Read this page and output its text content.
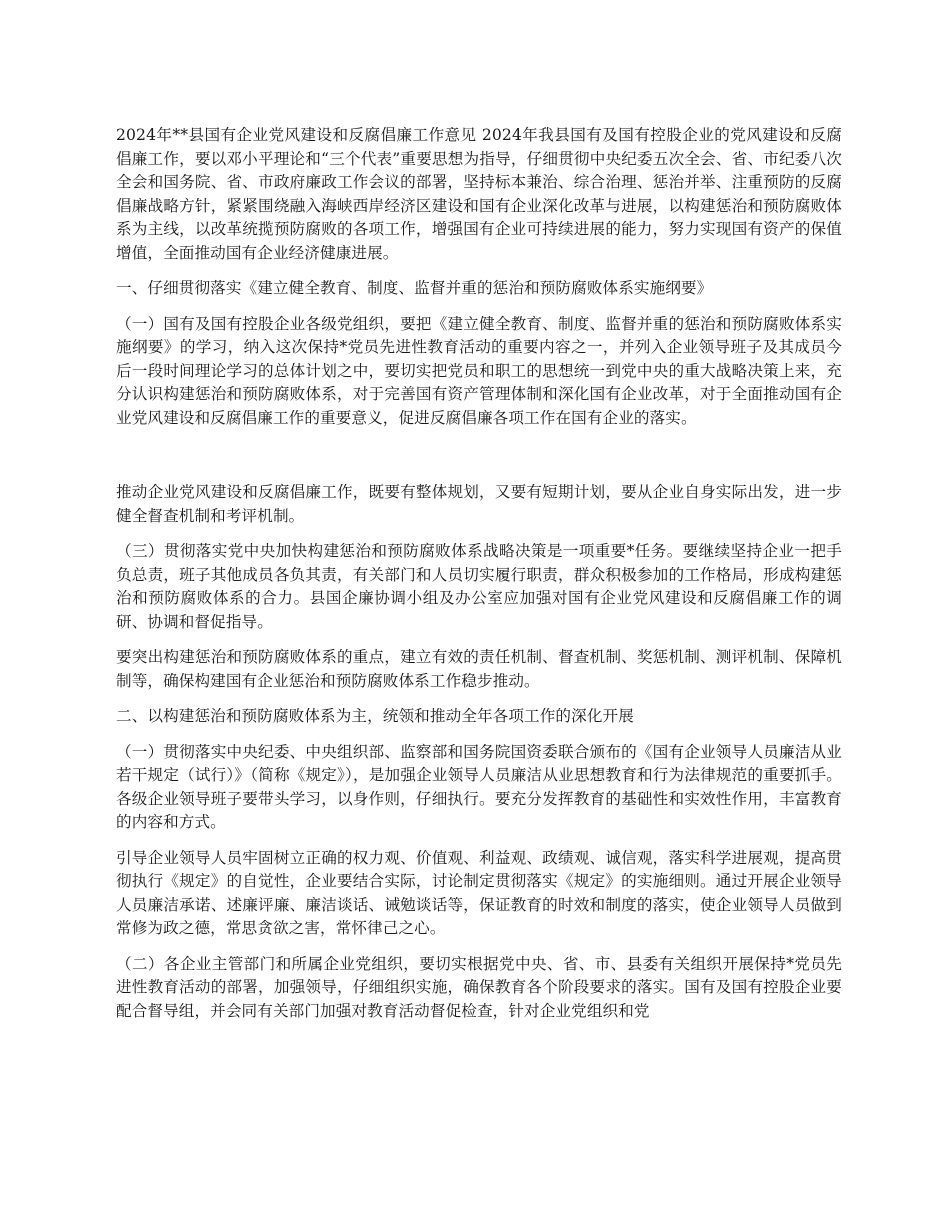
2024年**县国有企业党风建设和反腐倡廉工作意见 2024年我县国有及国有控股企业的党风建设和反腐倡廉工作，要以邓小平理论和“三个代表”重要思想为指导，仔细贯彻中央纪委五次全会、省、市纪委八次全会和国务院、省、市政府廉政工作会议的部署，坚持标本兼治、综合治理、惩治并举、注重预防的反腐倡廉战略方针，紧紧围绕融入海峡西岸经济区建设和国有企业深化改革与进展，以构建惩治和预防腐败体系为主线，以改革统揽预防腐败的各项工作，增强国有企业可持续进展的能力，努力实现国有资产的保值增值，全面推动国有企业经济健康进展。

一、仔细贯彻落实《建立健全教育、制度、监督并重的惩治和预防腐败体系实施纲要》

（一）国有及国有控股企业各级党组织，要把《建立健全教育、制度、监督并重的惩治和预防腐败体系实施纲要》的学习，纳入这次保持*党员先进性教育活动的重要内容之一，并列入企业领导班子及其成员今后一段时间理论学习的总体计划之中，要切实把党员和职工的思想统一到党中央的重大战略决策上来，充分认识构建惩治和预防腐败体系，对于完善国有资产管理体制和深化国有企业改革，对于全面推动国有企业党风建设和反腐倡廉工作的重要意义，促进反腐倡廉各项工作在国有企业的落实。

推动企业党风建设和反腐倡廉工作，既要有整体规划，又要有短期计划，要从企业自身实际出发，进一步健全督查机制和考评机制。

（三）贯彻落实党中央加快构建惩治和预防腐败体系战略决策是一项重要*任务。要继续坚持企业一把手负总责，班子其他成员各负其责，有关部门和人员切实履行职责，群众积极参加的工作格局，形成构建惩治和预防腐败体系的合力。县国企廉协调小组及办公室应加强对国有企业党风建设和反腐倡廉工作的调研、协调和督促指导。

要突出构建惩治和预防腐败体系的重点，建立有效的责任机制、督查机制、奖惩机制、测评机制、保障机制等，确保构建国有企业惩治和预防腐败体系工作稳步推动。

二、以构建惩治和预防腐败体系为主，统领和推动全年各项工作的深化开展

（一）贯彻落实中央纪委、中央组织部、监察部和国务院国资委联合颁布的《国有企业领导人员廉洁从业若干规定（试行）》（简称《规定》），是加强企业领导人员廉洁从业思想教育和行为法律规范的重要抓手。各级企业领导班子要带头学习，以身作则，仔细执行。要充分发挥教育的基础性和实效性作用，丰富教育的内容和方式。

引导企业领导人员牢固树立正确的权力观、价值观、利益观、政绩观、诚信观，落实科学进展观，提高贯彻执行《规定》的自觉性，企业要结合实际，讨论制定贯彻落实《规定》的实施细则。通过开展企业领导人员廉洁承诺、述廉评廉、廉洁谈话、诫勉谈话等，保证教育的时效和制度的落实，使企业领导人员做到常修为政之德，常思贪欲之害，常怀律己之心。

（二）各企业主管部门和所属企业党组织，要切实根据党中央、省、市、县委有关组织开展保持*党员先进性教育活动的部署，加强领导，仔细组织实施，确保教育各个阶段要求的落实。国有及国有控股企业要配合督导组，并会同有关部门加强对教育活动督促检查，针对企业党组织和党
